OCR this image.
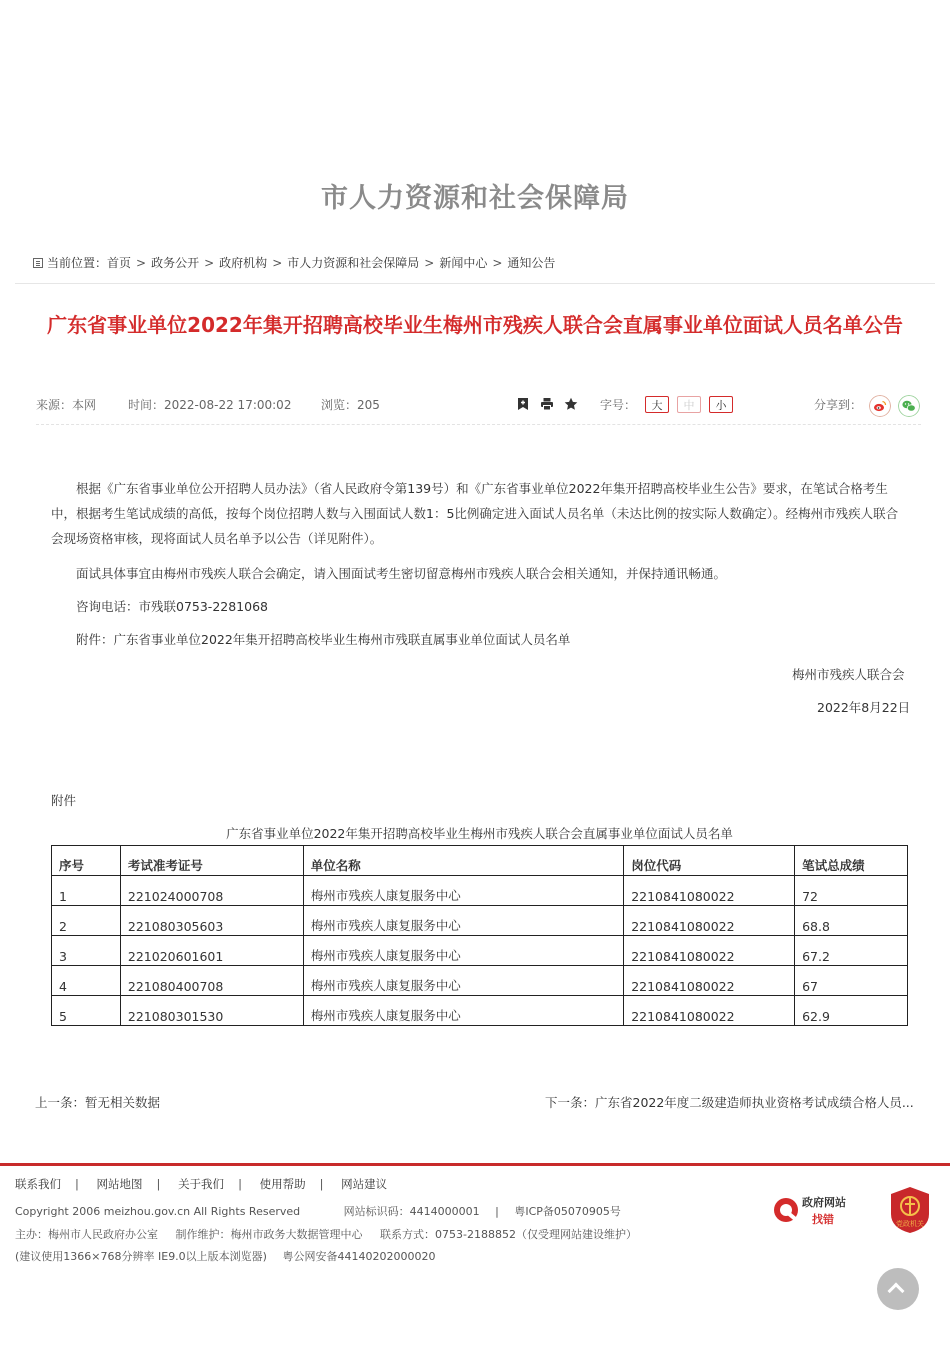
市人力资源和社会保障局
当前位置： 首页 > 政务公开 > 政府机构 > 市人力资源和社会保障局 > 新闻中心 > 通知公告
广东省事业单位2022年集开招聘高校毕业生梅州市残疾人联合会直属事业单位面试人员名单公告
来源：本网	时间：2022-08-22 17:00:02 浏览：205	字号：	分享到：
大	中	小
根据《广东省事业单位公开招聘人员办法》（省人民政府令第139号）和《广东省事业单位2022年集开招聘高校毕业生公告》要求，在笔试合格考生中，根据考生笔试成绩的高低，按每个岗位招聘人数与入围面试人数1：5比例确定进入面试人员名单（未达比例的按实际人数确定）。经梅州市残疾人联合会现场资格审核，现将面试人员名单予以公告（详见附件）。
面试具体事宜由梅州市残疾人联合会确定，请入围面试考生密切留意梅州市残疾人联合会相关通知，并保持通讯畅通。
咨询电话：市残联0753-2281068
附件：广东省事业单位2022年集开招聘高校毕业生梅州市残联直属事业单位面试人员名单
梅州市残疾人联合会
2022年8月22日
附件
广东省事业单位2022年集开招聘高校毕业生梅州市残疾人联合会直属事业单位面试人员名单
序号	考试准考证号	单位名称	岗位代码	笔试总成绩
1	221024000708	梅州市残疾人康复服务中心	2210841080022	72
2	221080305603	梅州市残疾人康复服务中心	2210841080022	68.8
3	221020601601	梅州市残疾人康复服务中心	2210841080022	67.2
4	221080400708	梅州市残疾人康复服务中心	2210841080022	67
5	221080301530	梅州市残疾人康复服务中心	2210841080022	62.9
上一条：暂无相关数据	下一条：广东省2022年度二级建造师执业资格考试成绩合格人员...
联系我们 | 网站地图 | 关于我们 | 使用帮助 | 网站建议
Copyright 2006 meizhou.gov.cn All Rights Reserved	网站标识码：4414000001 | 粤ICP备05070905号
主办：梅州市人民政府办公室 制作维护：梅州市政务大数据管理中心 联系方式：0753-2188852（仅受理网站建设维护）
(建议使用1366×768分辨率 IE9.0以上版本浏览器) 粤公网安备44140202000020
政府网站
找错	党政机关
